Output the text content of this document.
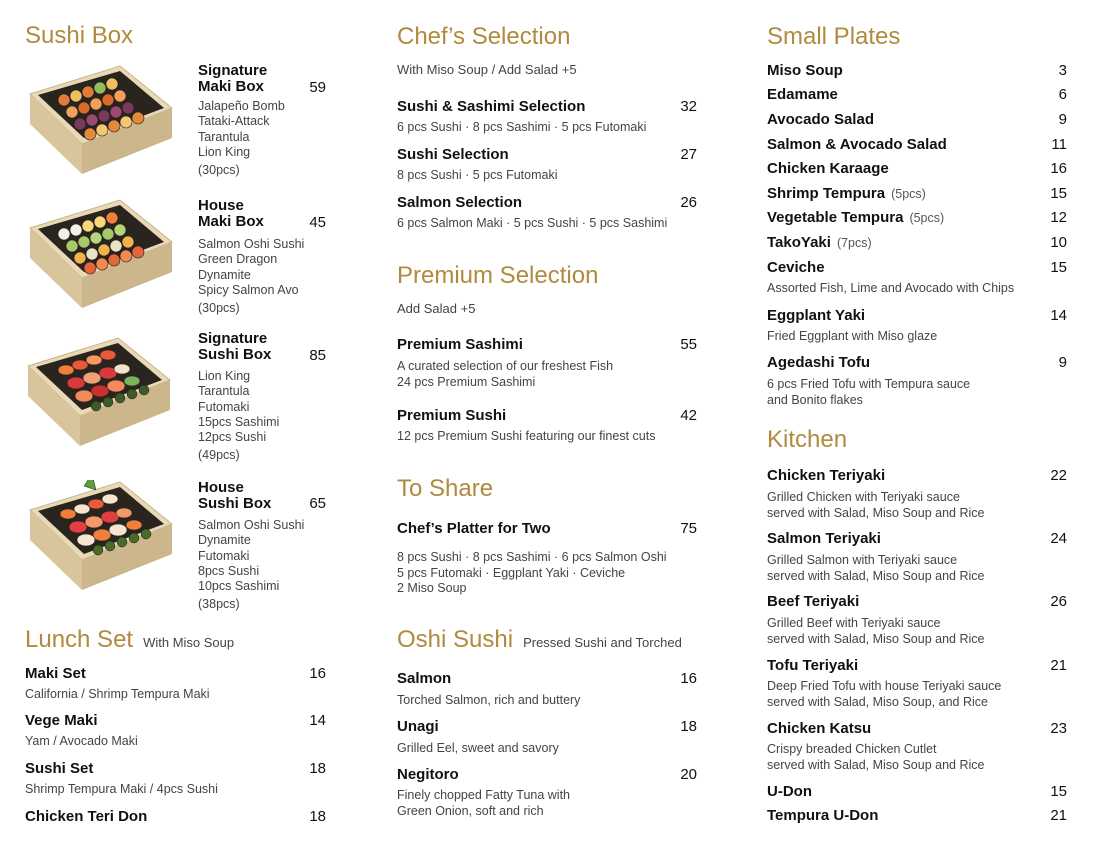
Sushi Box
Signature
Maki Box	59
Jalapeño Bomb
Tataki-Attack
Tarantula
Lion King
(30pcs)
House
Maki Box	45
Salmon Oshi Sushi
Green Dragon
Dynamite
Spicy Salmon Avo
(30pcs)
Signature
Sushi Box	85
Lion King
Tarantula
Futomaki
15pcs Sashimi
12pcs Sushi
(49pcs)
House
Sushi Box	65
Salmon Oshi Sushi
Dynamite
Futomaki
8pcs Sushi
10pcs Sashimi
(38pcs)
Lunch Set With Miso Soup
Maki Set	16
California / Shrimp Tempura Maki
Vege Maki	14
Yam / Avocado Maki
Sushi Set	18
Shrimp Tempura Maki / 4pcs Sushi
Chicken Teri Don	18
Chef’s Selection
With Miso Soup / Add Salad +5
Sushi & Sashimi Selection	32
6 pcs Sushi · 8 pcs Sashimi · 5 pcs Futomaki
Sushi Selection	27
8 pcs Sushi · 5 pcs Futomaki
Salmon Selection	26
6 pcs Salmon Maki · 5 pcs Sushi · 5 pcs Sashimi
Premium Selection
Add Salad +5
Premium Sashimi	55
A curated selection of our freshest Fish
24 pcs Premium Sashimi
Premium Sushi	42
12 pcs Premium Sushi featuring our finest cuts
To Share
Chef’s Platter for Two	75
8 pcs Sushi · 8 pcs Sashimi · 6 pcs Salmon Oshi
5 pcs Futomaki · Eggplant Yaki · Ceviche
2 Miso Soup
Oshi Sushi Pressed Sushi and Torched
Salmon	16
Torched Salmon, rich and buttery
Unagi	18
Grilled Eel, sweet and savory
Negitoro	20
Finely chopped Fatty Tuna with
Green Onion, soft and rich
Small Plates
Miso Soup	3
Edamame	6
Avocado Salad	9
Salmon & Avocado Salad	11
Chicken Karaage	16
Shrimp Tempura (5pcs)	15
Vegetable Tempura (5pcs)	12
TakoYaki (7pcs)	10
Ceviche	15
Assorted Fish, Lime and Avocado with Chips
Eggplant Yaki	14
Fried Eggplant with Miso glaze
Agedashi Tofu	9
6 pcs Fried Tofu with Tempura sauce
and Bonito flakes
Kitchen
Chicken Teriyaki	22
Grilled Chicken with Teriyaki sauce
served with Salad, Miso Soup and Rice
Salmon Teriyaki	24
Grilled Salmon with Teriyaki sauce
served with Salad, Miso Soup and Rice
Beef Teriyaki	26
Grilled Beef with Teriyaki sauce
served with Salad, Miso Soup and Rice
Tofu Teriyaki	21
Deep Fried Tofu with house Teriyaki sauce
served with Salad, Miso Soup, and Rice
Chicken Katsu	23
Crispy breaded Chicken Cutlet
served with Salad, Miso Soup and Rice
U-Don	15
Tempura U-Don	21
